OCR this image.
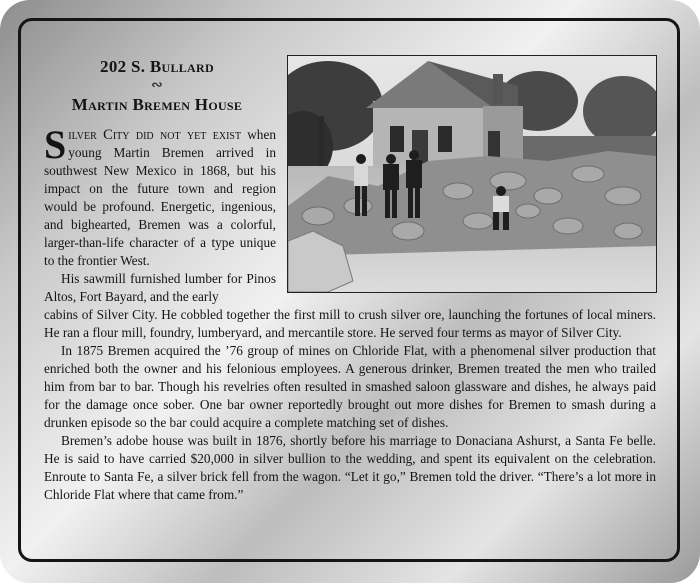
202 S. Bullard
∾
Martin Bremen House

Silver City did not yet exist when young Martin Bremen arrived in southwest New Mexico in 1868, but his impact on the future town and region would be profound. Energetic, ingenious, and bighearted, Bremen was a colorful, larger-than-life character of a type unique to the frontier West.

His sawmill furnished lumber for Pinos Altos, Fort Bayard, and the early

cabins of Silver City. He cobbled together the first mill to crush silver ore, launching the fortunes of local miners. He ran a flour mill, foundry, lumberyard, and mercantile store. He served four terms as mayor of Silver City.

In 1875 Bremen acquired the ’76 group of mines on Chloride Flat, with a phenomenal silver production that enriched both the owner and his felonious employees. A generous drinker, Bremen treated the men who trailed him from bar to bar. Though his revelries often resulted in smashed saloon glassware and dishes, he always paid for the damage once sober. One bar owner reportedly brought out more dishes for Bremen to smash during a drunken episode so the bar could acquire a complete matching set of dishes.

Bremen’s adobe house was built in 1876, shortly before his marriage to Donaciana Ashurst, a Santa Fe belle. He is said to have carried $20,000 in silver bullion to the wedding, and spent its equivalent on the celebration. Enroute to Santa Fe, a silver brick fell from the wagon. “Let it go,” Bremen told the driver. “There’s a lot more in Chloride Flat where that came from.”
